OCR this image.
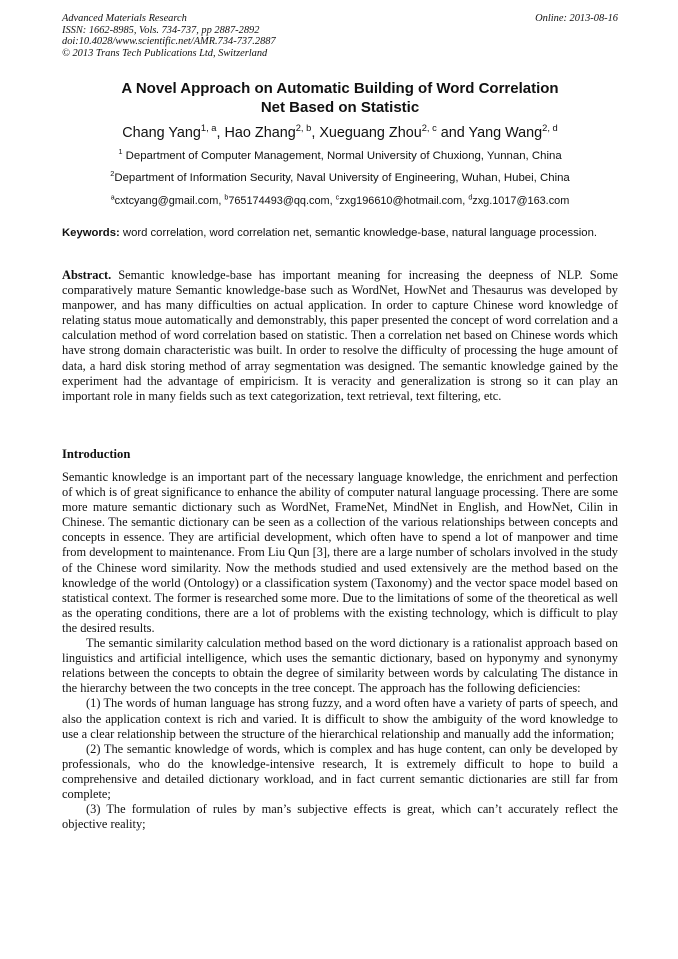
Advanced Materials Research
ISSN: 1662-8985, Vols. 734-737, pp 2887-2892
doi:10.4028/www.scientific.net/AMR.734-737.2887
© 2013 Trans Tech Publications Ltd, Switzerland
Online: 2013-08-16
A Novel Approach on Automatic Building of Word Correlation
Net Based on Statistic
Chang Yang$^{1, a}$, Hao Zhang$^{2, b}$, Xueguang Zhou$^{2, c}$ and Yang Wang$^{2, d}$
$^1$ Department of Computer Management, Normal University of Chuxiong, Yunnan, China
$^2$Department of Information Security, Naval University of Engineering, Wuhan, Hubei, China
$^a$cxtcyang@gmail.com, $^b$765174493@qq.com, $^c$zxg196610@hotmail.com, $^d$zxg.1017@163.com
Keywords: word correlation, word correlation net, semantic knowledge-base, natural language procession.

Abstract. Semantic knowledge-base has important meaning for increasing the deepness of NLP. Some comparatively mature Semantic knowledge-base such as WordNet, HowNet and Thesaurus was developed by manpower, and has many difficulties on actual application. In order to capture Chinese word knowledge of relating status moue automatically and demonstrably, this paper presented the concept of word correlation and a calculation method of word correlation based on statistic. Then a correlation net based on Chinese words which have strong domain characteristic was built. In order to resolve the difficulty of processing the huge amount of data, a hard disk storing method of array segmentation was designed. The semantic knowledge gained by the experiment had the advantage of empiricism. It is veracity and generalization is strong so it can play an important role in many fields such as text categorization, text retrieval, text filtering, etc.

Introduction

Semantic knowledge is an important part of the necessary language knowledge, the enrichment and perfection of which is of great significance to enhance the ability of computer natural language processing. There are some more mature semantic dictionary such as WordNet, FrameNet, MindNet in English, and HowNet, Cilin in Chinese. The semantic dictionary can be seen as a collection of the various relationships between concepts and concepts in essence. They are artificial development, which often have to spend a lot of manpower and time from development to maintenance. From Liu Qun [3], there are a large number of scholars involved in the study of the Chinese word similarity. Now the methods studied and used extensively are the method based on the knowledge of the world (Ontology) or a classification system (Taxonomy) and the vector space model based on statistical context. The former is researched some more. Due to the limitations of some of the theoretical as well as the operating conditions, there are a lot of problems with the existing technology, which is difficult to play the desired results.

The semantic similarity calculation method based on the word dictionary is a rationalist approach based on linguistics and artificial intelligence, which uses the semantic dictionary, based on hyponymy and synonymy relations between the concepts to obtain the degree of similarity between words by calculating The distance in the hierarchy between the two concepts in the tree concept. The approach has the following deficiencies:

(1) The words of human language has strong fuzzy, and a word often have a variety of parts of speech, and also the application context is rich and varied. It is difficult to show the ambiguity of the word knowledge to use a clear relationship between the structure of the hierarchical relationship and manually add the information;

(2) The semantic knowledge of words, which is complex and has huge content, can only be developed by professionals, who do the knowledge-intensive research, It is extremely difficult to hope to build a comprehensive and detailed dictionary workload, and in fact current semantic dictionaries are still far from complete;

(3) The formulation of rules by man’s subjective effects is great, which can’t accurately reflect the objective reality;
